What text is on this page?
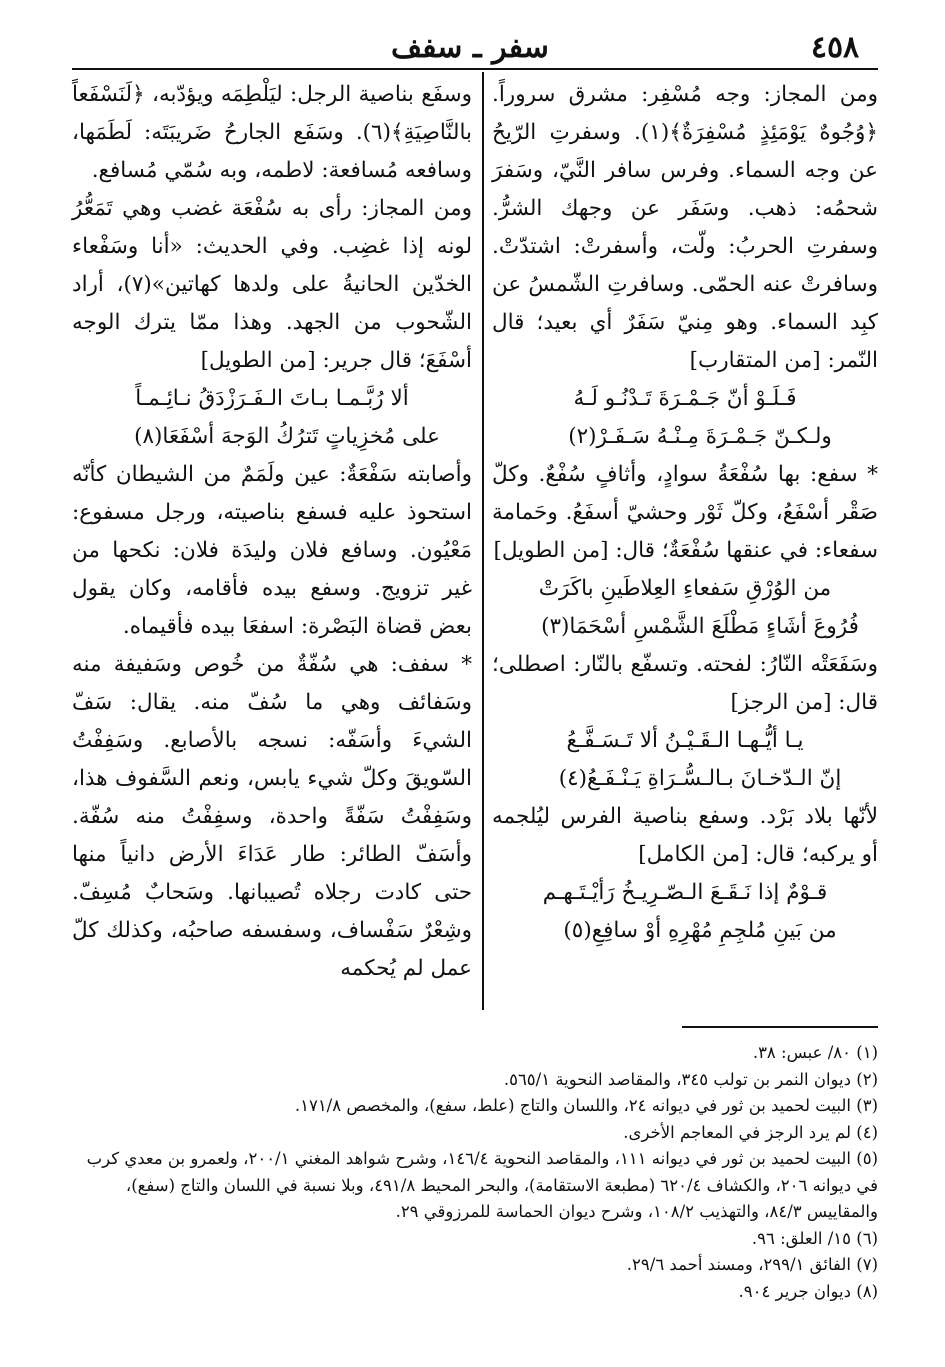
٤٥٨
سفر ـ سفف

ومن المجاز: وجه مُسْفِر: مشرق سروراً. ﴿وُجُوهٌ يَوْمَئِذٍ مُسْفِرَةٌ﴾(١). وسفرتِ الرّيحُ عن وجه السماء. وفرس سافر النَّيّ، وسَفرَ شحمُه: ذهب. وسَفَر عن وجهك الشرُّ. وسفرتِ الحربُ: ولّت، وأسفرتْ: اشتدّتْ. وسافرتْ عنه الحمّى. وسافرتِ الشّمسُ عن كبِد السماء. وهو مِنيّ سَفَرٌ أي بعيد؛ قال النّمر: [من المتقارب]

فَـلَـوْ أنّ جَـمْـرَةَ تَـدْنُـو لَـهُ

ولـكـنّ جَـمْـرَةَ مِـنْـهُ سَـفَـرْ(٢)

* سفع: بها سُفْعَةُ سوادٍ، وأثافٍ سُفْعٌ. وكلّ صَقْر أسْفَعُ، وكلّ ثَوْر وحشيّ أسفَعُ. وحَمامة سفعاء: في عنقها سُفْعَةٌ؛ قال: [من الطويل]

من الوُرْقِ سَفعاءِ العِلاطَينِ باكَرَتْ

فُرُوعَ أشَاءٍ مَطْلَعَ الشَّمْسِ أسْحَمَا(٣)

وسَفَعَتْه النّارُ: لفحته. وتسفّع بالنّار: اصطلى؛ قال: [من الرجز]

يـا أيُّـهـا الـقَـيْـنُ ألا تَـسَـفَّـعُ

إنّ الـدّخـانَ بـالـسُّـرَاةِ يَـنْـفَـعُ(٤)

لأنّها بلاد بَرْد. وسفع بناصية الفرس ليُلجمه أو يركبه؛ قال: [من الكامل]

قـوْمٌ إذا نَـقَـعَ الـصّـرِيـخُ رَأيْـتَـهـم

من بَينِ مُلجِمِ مُهْرِهِ أوْ سافِعِ(٥)

وسفَع بناصية الرجل: ليَلْطِمَه ويؤدّبه، ﴿لَنَسْفَعاً بالنَّاصِيَةِ﴾(٦). وسَفَع الجارحُ ضَريبَتَه: لَطَمَها، وسافعه مُسافعة: لاطمه، وبه سُمّي مُسافع.

ومن المجاز: رأى به سُفْعَة غضب وهي تَمَعُّرُ لونه إذا غضِب. وفي الحديث: «أنا وسَفْعاء الخدّين الحانيةُ على ولدها كهاتين»(٧)، أراد الشّحوب من الجهد. وهذا ممّا يترك الوجه أسْفَعَ؛ قال جرير: [من الطويل]

ألا رُبَّـمـا بـاتَ الـفَـرَزْدَقُ نـائِـمـاً

على مُخزِياتٍ تَترُكُ الوَجهَ أسْفَعَا(٨)

وأصابته سَفْعَةٌ: عين ولَمَمٌ من الشيطان كأنّه استحوذ عليه فسفع بناصيته، ورجل مسفوع: مَعْيُون. وسافع فلان وليدَة فلان: نكحها من غير تزويج. وسفع بيده فأقامه، وكان يقول بعض قضاة البَصْرة: اسفعَا بيده فأقيماه.

* سفف: هي سُفّةٌ من خُوص وسَفيفة منه وسَفائف وهي ما سُفّ منه. يقال: سَفّ الشيءَ وأسَفّه: نسجه بالأصابع. وسَفِفْتُ السّويقَ وكلّ شيء يابس، ونعم السَّفوف هذا، وسَفِفْتُ سَفّةً واحدة، وسفِفْتُ منه سُفّة. وأسَفّ الطائر: طار عَدَاءَ الأرض دانياً منها حتى كادت رجلاه تُصيبانها. وسَحابٌ مُسِفّ. وشِعْرٌ سَفْساف، وسفسفه صاحبُه، وكذلك كلّ عمل لم يُحكمه

(١) ٨٠/ عبس: ٣٨.
(٢) ديوان النمر بن تولب ٣٤٥، والمقاصد النحوية ٥٦٥/١.
(٣) البيت لحميد بن ثور في ديوانه ٢٤، واللسان والتاج (علط، سفع)، والمخصص ١٧١/٨.
(٤) لم يرد الرجز في المعاجم الأخرى.
(٥) البيت لحميد بن ثور في ديوانه ١١١، والمقاصد النحوية ١٤٦/٤، وشرح شواهد المغني ٢٠٠/١، ولعمرو بن معدي كرب في ديوانه ٢٠٦، والكشاف ٦٢٠/٤ (مطبعة الاستقامة)، والبحر المحيط ٤٩١/٨، وبلا نسبة في اللسان والتاج (سفع)، والمقاييس ٨٤/٣، والتهذيب ١٠٨/٢، وشرح ديوان الحماسة للمرزوقي ٢٩.
(٦) ١٥/ العلق: ٩٦.
(٧) الفائق ٢٩٩/١، ومسند أحمد ٢٩/٦.
(٨) ديوان جرير ٩٠٤.
